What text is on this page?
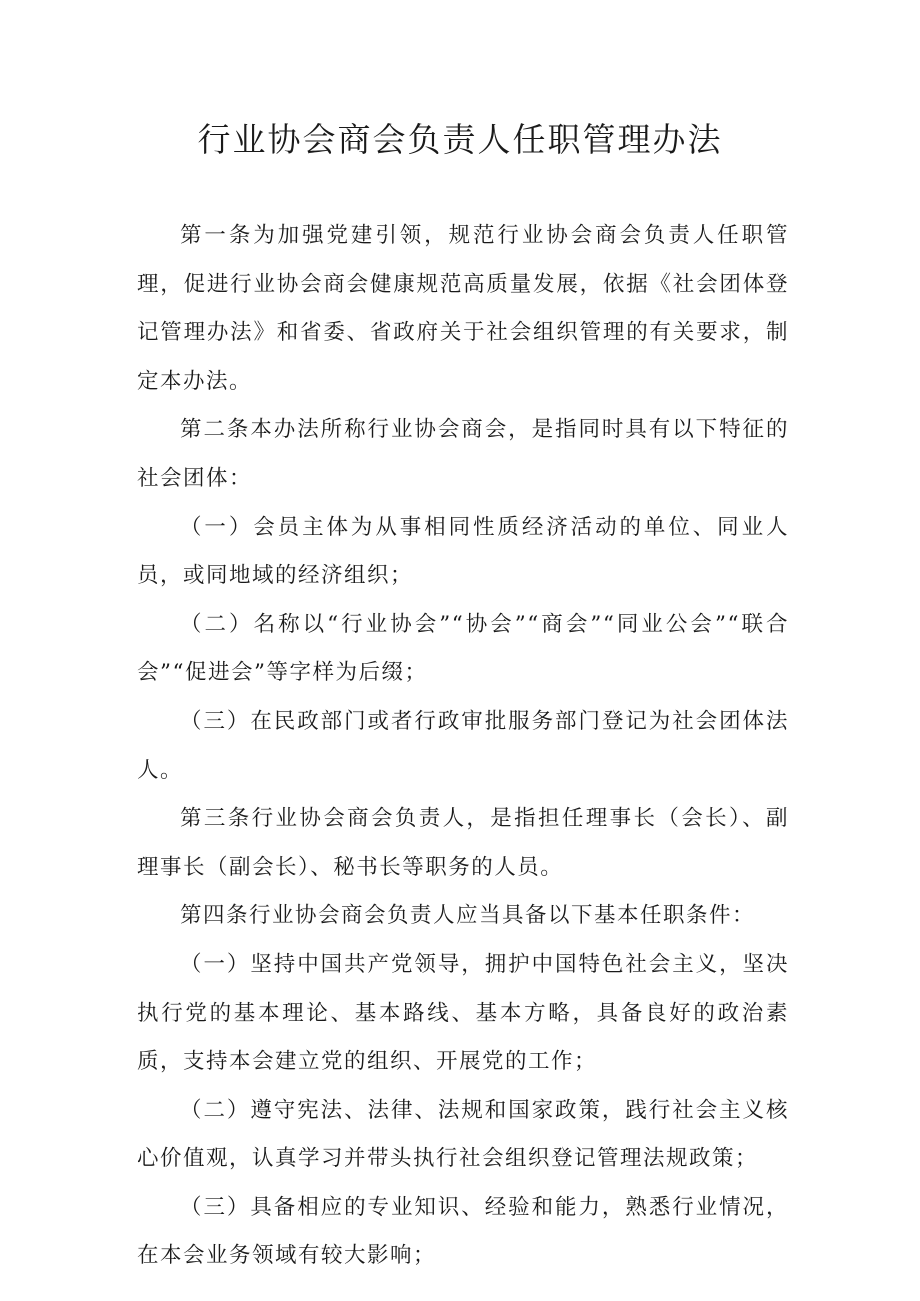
行业协会商会负责人任职管理办法

第一条为加强党建引领，规范行业协会商会负责人任职管理，促进行业协会商会健康规范高质量发展，依据《社会团体登记管理办法》和省委、省政府关于社会组织管理的有关要求，制定本办法。

第二条本办法所称行业协会商会，是指同时具有以下特征的社会团体：

（一）会员主体为从事相同性质经济活动的单位、同业人员，或同地域的经济组织；

（二）名称以“行业协会”“协会”“商会”“同业公会”“联合会”“促进会”等字样为后缀；

（三）在民政部门或者行政审批服务部门登记为社会团体法人。

第三条行业协会商会负责人，是指担任理事长（会长）、副理事长（副会长）、秘书长等职务的人员。

第四条行业协会商会负责人应当具备以下基本任职条件：

（一）坚持中国共产党领导，拥护中国特色社会主义，坚决执行党的基本理论、基本路线、基本方略，具备良好的政治素质，支持本会建立党的组织、开展党的工作；

（二）遵守宪法、法律、法规和国家政策，践行社会主义核心价值观，认真学习并带头执行社会组织登记管理法规政策；

（三）具备相应的专业知识、经验和能力，熟悉行业情况，在本会业务领域有较大影响；
